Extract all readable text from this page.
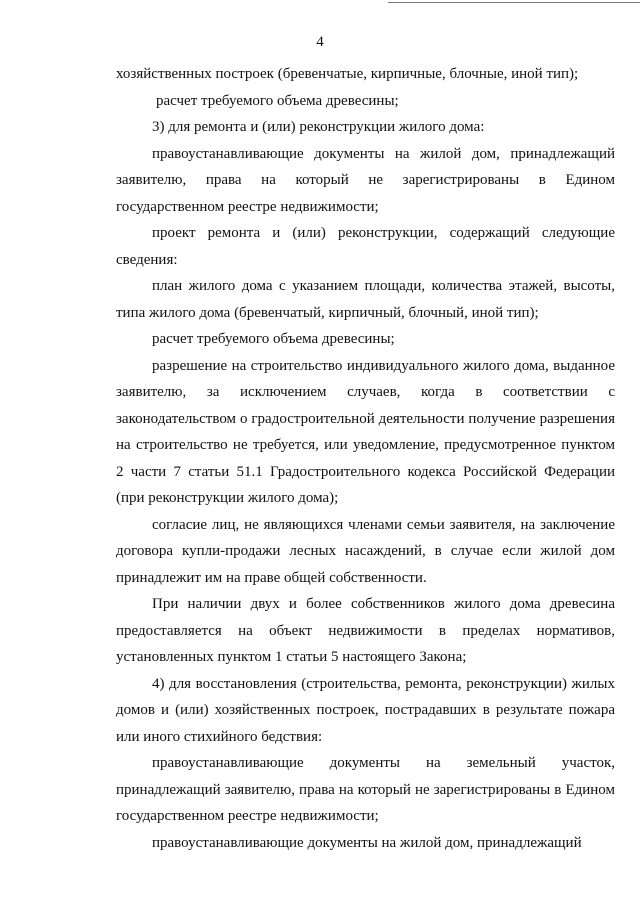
4

хозяйственных построек (бревенчатые, кирпичные, блочные, иной тип);

расчет требуемого объема древесины;

3) для ремонта и (или) реконструкции жилого дома:

правоустанавливающие документы на жилой дом, принадлежащий заявителю, права на который не зарегистрированы в Едином государственном реестре недвижимости;

проект ремонта и (или) реконструкции, содержащий следующие сведения:

план жилого дома с указанием площади, количества этажей, высоты, типа жилого дома (бревенчатый, кирпичный, блочный, иной тип);

расчет требуемого объема древесины;

разрешение на строительство индивидуального жилого дома, выданное заявителю, за исключением случаев, когда в соответствии с законодательством о градостроительной деятельности получение разрешения на строительство не требуется, или уведомление, предусмотренное пунктом 2 части 7 статьи 51.1 Градостроительного кодекса Российской Федерации (при реконструкции жилого дома);

согласие лиц, не являющихся членами семьи заявителя, на заключение договора купли-продажи лесных насаждений, в случае если жилой дом принадлежит им на праве общей собственности.

При наличии двух и более собственников жилого дома древесина предоставляется на объект недвижимости в пределах нормативов, установленных пунктом 1 статьи 5 настоящего Закона;

4) для восстановления (строительства, ремонта, реконструкции) жилых домов и (или) хозяйственных построек, пострадавших в результате пожара или иного стихийного бедствия:

правоустанавливающие документы на земельный участок, принадлежащий заявителю, права на который не зарегистрированы в Едином государственном реестре недвижимости;

правоустанавливающие документы на жилой дом, принадлежащий
